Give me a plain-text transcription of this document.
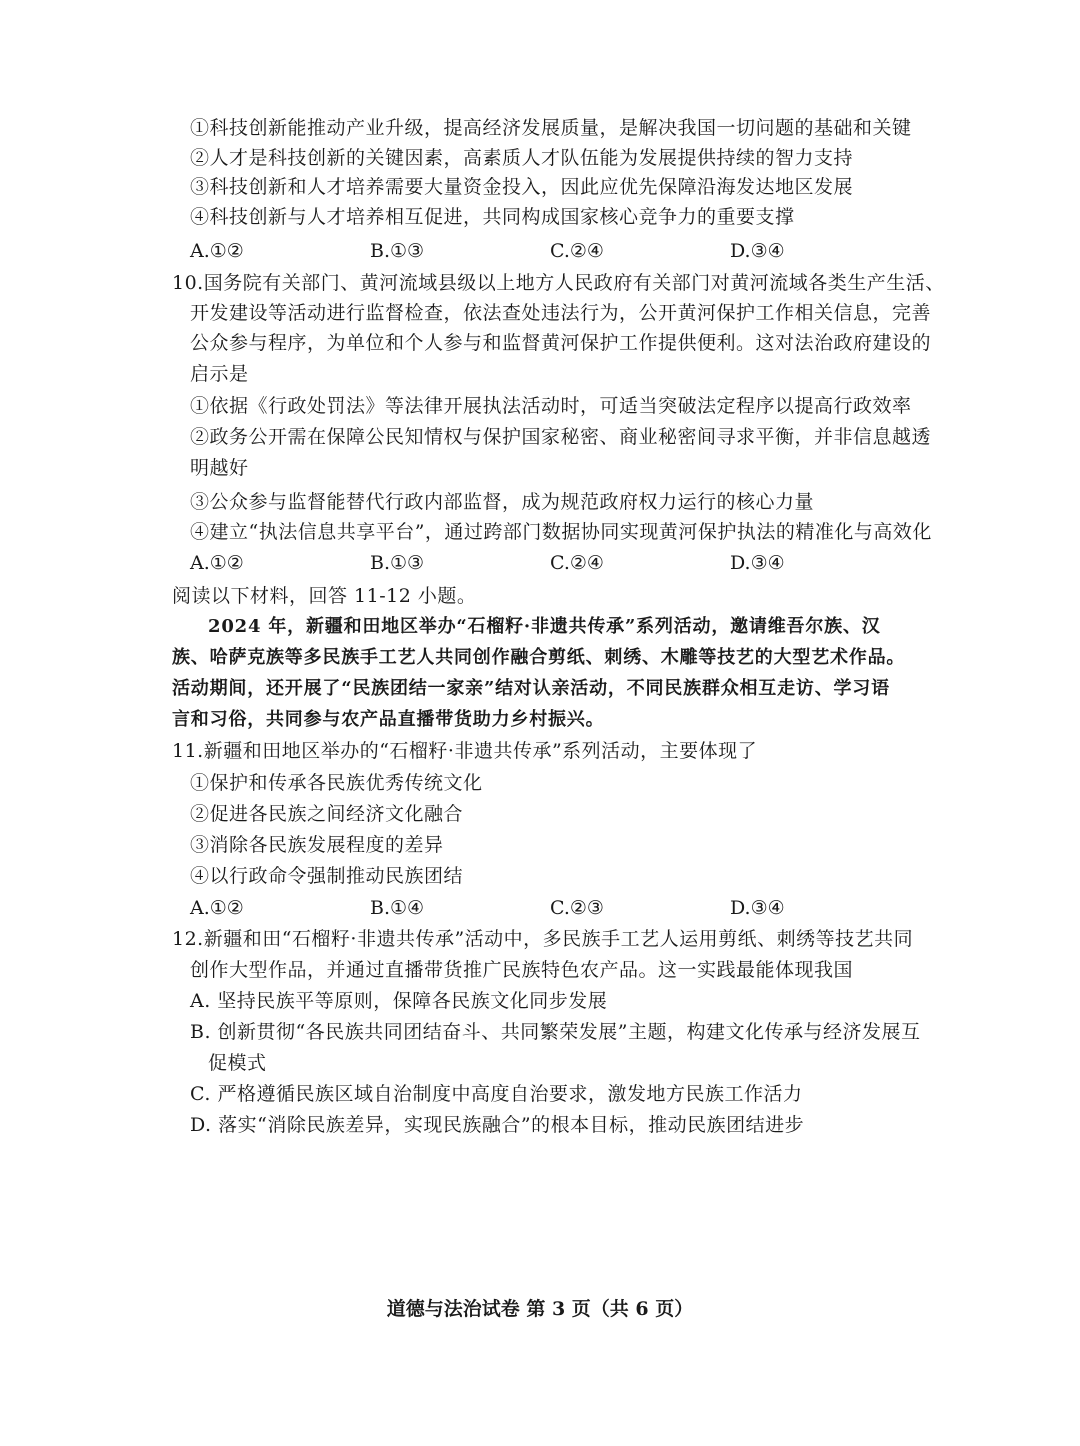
①科技创新能推动产业升级，提高经济发展质量，是解决我国一切问题的基础和关键
②人才是科技创新的关键因素，高素质人才队伍能为发展提供持续的智力支持
③科技创新和人才培养需要大量资金投入，因此应优先保障沿海发达地区发展
④科技创新与人才培养相互促进，共同构成国家核心竞争力的重要支撑
A.①②	B.①③	C.②④	D.③④
10.国务院有关部门、黄河流域县级以上地方人民政府有关部门对黄河流域各类生产生活、
开发建设等活动进行监督检查，依法查处违法行为，公开黄河保护工作相关信息，完善
公众参与程序，为单位和个人参与和监督黄河保护工作提供便利。这对法治政府建设的
启示是
①依据《行政处罚法》等法律开展执法活动时，可适当突破法定程序以提高行政效率
②政务公开需在保障公民知情权与保护国家秘密、商业秘密间寻求平衡，并非信息越透
明越好
③公众参与监督能替代行政内部监督，成为规范政府权力运行的核心力量
④建立“执法信息共享平台”，通过跨部门数据协同实现黄河保护执法的精准化与高效化
A.①②	B.①③	C.②④	D.③④
阅读以下材料，回答 11-12 小题。
2024 年，新疆和田地区举办“石榴籽·非遗共传承”系列活动，邀请维吾尔族、汉
族、哈萨克族等多民族手工艺人共同创作融合剪纸、刺绣、木雕等技艺的大型艺术作品。
活动期间，还开展了“民族团结一家亲”结对认亲活动，不同民族群众相互走访、学习语
言和习俗，共同参与农产品直播带货助力乡村振兴。
11.新疆和田地区举办的“石榴籽·非遗共传承”系列活动，主要体现了
①保护和传承各民族优秀传统文化
②促进各民族之间经济文化融合
③消除各民族发展程度的差异
④以行政命令强制推动民族团结
A.①②	B.①④	C.②③	D.③④
12.新疆和田“石榴籽·非遗共传承”活动中，多民族手工艺人运用剪纸、刺绣等技艺共同
创作大型作品，并通过直播带货推广民族特色农产品。这一实践最能体现我国
A. 坚持民族平等原则，保障各民族文化同步发展
B. 创新贯彻“各民族共同团结奋斗、共同繁荣发展”主题，构建文化传承与经济发展互
促模式
C. 严格遵循民族区域自治制度中高度自治要求，激发地方民族工作活力
D. 落实“消除民族差异，实现民族融合”的根本目标，推动民族团结进步
道德与法治试卷 第 3 页（共 6 页）
